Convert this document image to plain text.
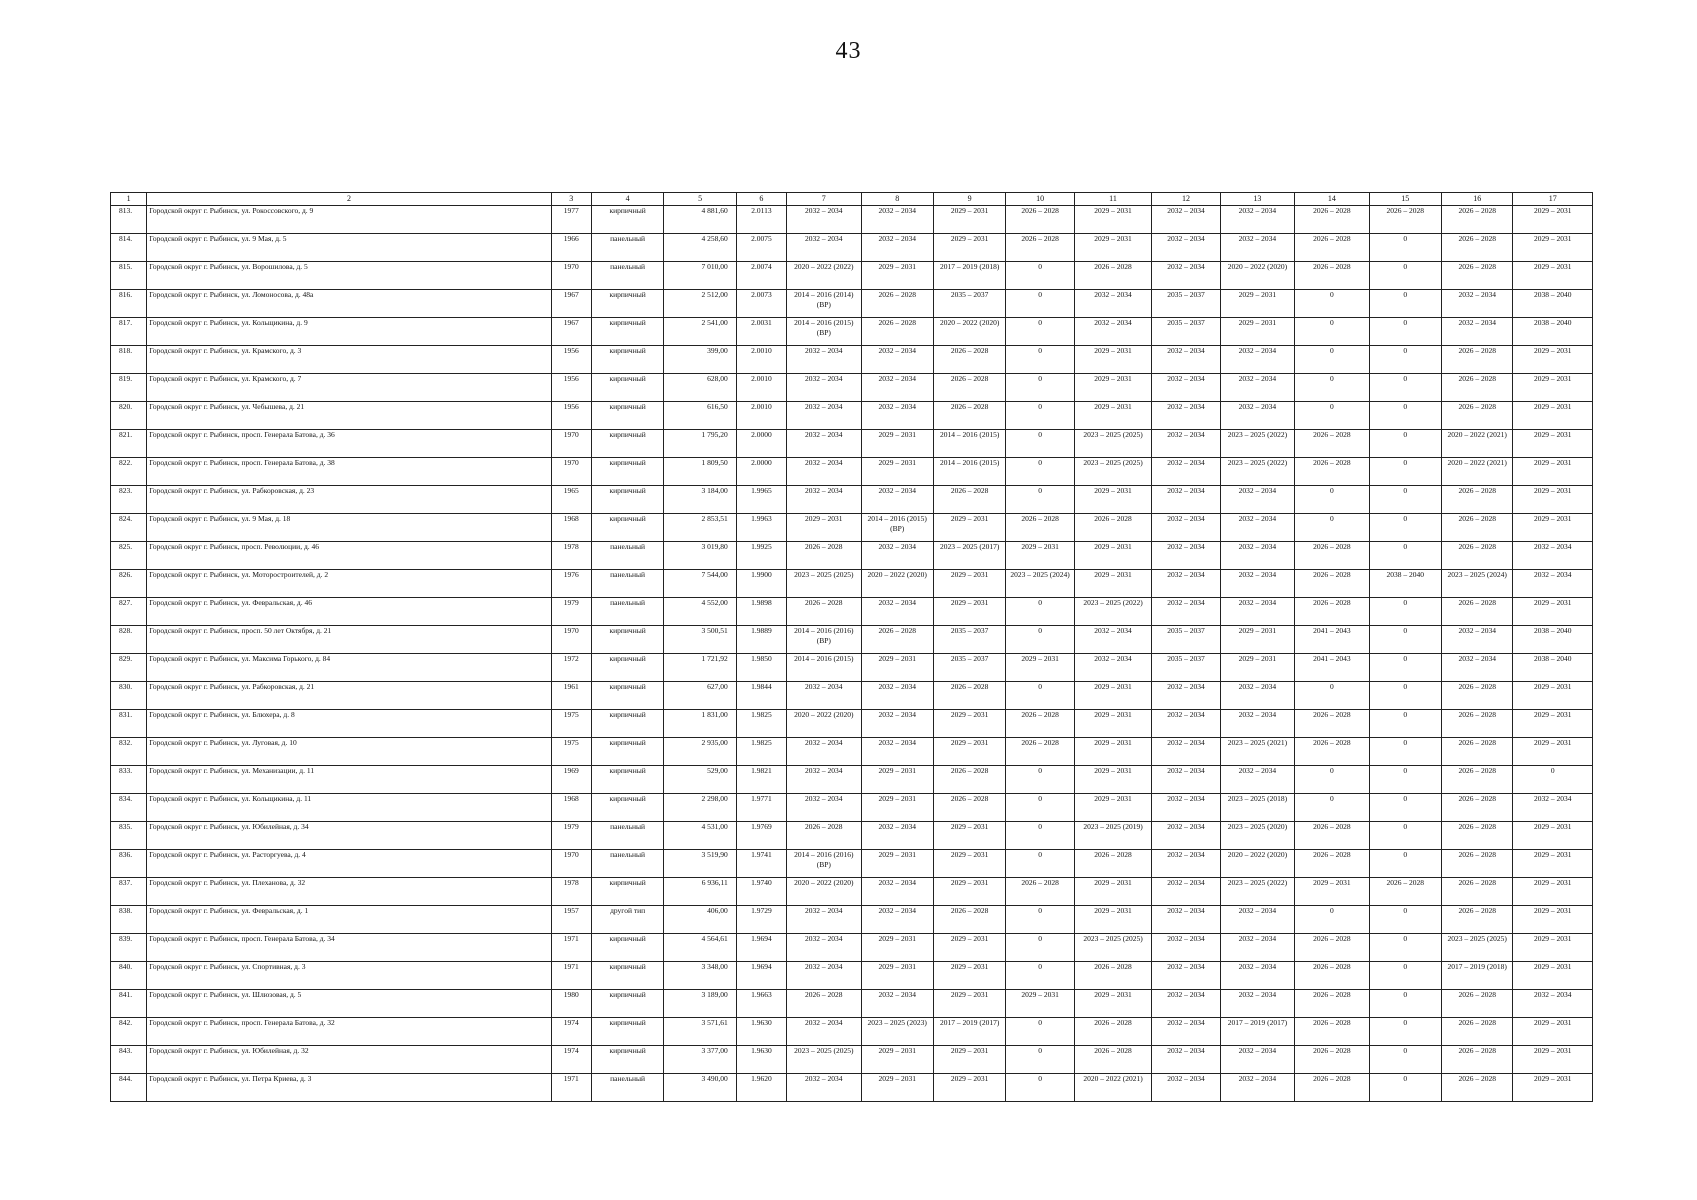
43
1	2	3	4	5	6	7	8	9	10	11	12	13	14	15	16	17
813.	Городской округ г. Рыбинск, ул. Рокоссовского, д. 9	1977	кирпичный	4 881,60	2.0113	2032 – 2034	2032 – 2034	2029 – 2031	2026 – 2028	2029 – 2031	2032 – 2034	2032 – 2034	2026 – 2028	2026 – 2028	2026 – 2028	2029 – 2031
814.	Городской округ г. Рыбинск, ул. 9 Мая, д. 5	1966	панельный	4 258,60	2.0075	2032 – 2034	2032 – 2034	2029 – 2031	2026 – 2028	2029 – 2031	2032 – 2034	2032 – 2034	2026 – 2028	0	2026 – 2028	2029 – 2031
815.	Городской округ г. Рыбинск, ул. Ворошилова, д. 5	1970	панельный	7 010,00	2.0074	2020 – 2022 (2022)	2029 – 2031	2017 – 2019 (2018)	0	2026 – 2028	2032 – 2034	2020 – 2022 (2020)	2026 – 2028	0	2026 – 2028	2029 – 2031
816.	Городской округ г. Рыбинск, ул. Ломоносова, д. 48а	1967	кирпичный	2 512,00	2.0073	2014 – 2016 (2014) (ВР)	2026 – 2028	2035 – 2037	0	2032 – 2034	2035 – 2037	2029 – 2031	0	0	2032 – 2034	2038 – 2040
817.	Городской округ г. Рыбинск, ул. Кольщикина, д. 9	1967	кирпичный	2 541,00	2.0031	2014 – 2016 (2015) (ВР)	2026 – 2028	2020 – 2022 (2020)	0	2032 – 2034	2035 – 2037	2029 – 2031	0	0	2032 – 2034	2038 – 2040
818.	Городской округ г. Рыбинск, ул. Крамского, д. 3	1956	кирпичный	399,00	2.0010	2032 – 2034	2032 – 2034	2026 – 2028	0	2029 – 2031	2032 – 2034	2032 – 2034	0	0	2026 – 2028	2029 – 2031
819.	Городской округ г. Рыбинск, ул. Крамского, д. 7	1956	кирпичный	628,00	2.0010	2032 – 2034	2032 – 2034	2026 – 2028	0	2029 – 2031	2032 – 2034	2032 – 2034	0	0	2026 – 2028	2029 – 2031
820.	Городской округ г. Рыбинск, ул. Чебышева, д. 21	1956	кирпичный	616,50	2.0010	2032 – 2034	2032 – 2034	2026 – 2028	0	2029 – 2031	2032 – 2034	2032 – 2034	0	0	2026 – 2028	2029 – 2031
821.	Городской округ г. Рыбинск, просп. Генерала Батова, д. 36	1970	кирпичный	1 795,20	2.0000	2032 – 2034	2029 – 2031	2014 – 2016 (2015)	0	2023 – 2025 (2025)	2032 – 2034	2023 – 2025 (2022)	2026 – 2028	0	2020 – 2022 (2021)	2029 – 2031
822.	Городской округ г. Рыбинск, просп. Генерала Батова, д. 38	1970	кирпичный	1 809,50	2.0000	2032 – 2034	2029 – 2031	2014 – 2016 (2015)	0	2023 – 2025 (2025)	2032 – 2034	2023 – 2025 (2022)	2026 – 2028	0	2020 – 2022 (2021)	2029 – 2031
823.	Городской округ г. Рыбинск, ул. Рабкоровская, д. 23	1965	кирпичный	3 184,00	1.9965	2032 – 2034	2032 – 2034	2026 – 2028	0	2029 – 2031	2032 – 2034	2032 – 2034	0	0	2026 – 2028	2029 – 2031
824.	Городской округ г. Рыбинск, ул. 9 Мая, д. 18	1968	кирпичный	2 853,51	1.9963	2029 – 2031	2014 – 2016 (2015) (ВР)	2029 – 2031	2026 – 2028	2026 – 2028	2032 – 2034	2032 – 2034	0	0	2026 – 2028	2029 – 2031
825.	Городской округ г. Рыбинск, просп. Революции, д. 46	1978	панельный	3 019,80	1.9925	2026 – 2028	2032 – 2034	2023 – 2025 (2017)	2029 – 2031	2029 – 2031	2032 – 2034	2032 – 2034	2026 – 2028	0	2026 – 2028	2032 – 2034
826.	Городской округ г. Рыбинск, ул. Моторостроителей, д. 2	1976	панельный	7 544,00	1.9900	2023 – 2025 (2025)	2020 – 2022 (2020)	2029 – 2031	2023 – 2025 (2024)	2029 – 2031	2032 – 2034	2032 – 2034	2026 – 2028	2038 – 2040	2023 – 2025 (2024)	2032 – 2034
827.	Городской округ г. Рыбинск, ул. Февральская, д. 46	1979	панельный	4 552,00	1.9898	2026 – 2028	2032 – 2034	2029 – 2031	0	2023 – 2025 (2022)	2032 – 2034	2032 – 2034	2026 – 2028	0	2026 – 2028	2029 – 2031
828.	Городской округ г. Рыбинск, просп. 50 лет Октября, д. 21	1970	кирпичный	3 500,51	1.9889	2014 – 2016 (2016) (ВР)	2026 – 2028	2035 – 2037	0	2032 – 2034	2035 – 2037	2029 – 2031	2041 – 2043	0	2032 – 2034	2038 – 2040
829.	Городской округ г. Рыбинск, ул. Максима Горького, д. 84	1972	кирпичный	1 721,92	1.9850	2014 – 2016 (2015)	2029 – 2031	2035 – 2037	2029 – 2031	2032 – 2034	2035 – 2037	2029 – 2031	2041 – 2043	0	2032 – 2034	2038 – 2040
830.	Городской округ г. Рыбинск, ул. Рабкоровская, д. 21	1961	кирпичный	627,00	1.9844	2032 – 2034	2032 – 2034	2026 – 2028	0	2029 – 2031	2032 – 2034	2032 – 2034	0	0	2026 – 2028	2029 – 2031
831.	Городской округ г. Рыбинск, ул. Блюхера, д. 8	1975	кирпичный	1 831,00	1.9825	2020 – 2022 (2020)	2032 – 2034	2029 – 2031	2026 – 2028	2029 – 2031	2032 – 2034	2032 – 2034	2026 – 2028	0	2026 – 2028	2029 – 2031
832.	Городской округ г. Рыбинск, ул. Луговая, д. 10	1975	кирпичный	2 935,00	1.9825	2032 – 2034	2032 – 2034	2029 – 2031	2026 – 2028	2029 – 2031	2032 – 2034	2023 – 2025 (2021)	2026 – 2028	0	2026 – 2028	2029 – 2031
833.	Городской округ г. Рыбинск, ул. Механизации, д. 11	1969	кирпичный	529,00	1.9821	2032 – 2034	2029 – 2031	2026 – 2028	0	2029 – 2031	2032 – 2034	2032 – 2034	0	0	2026 – 2028	0
834.	Городской округ г. Рыбинск, ул. Кольщикина, д. 11	1968	кирпичный	2 298,00	1.9771	2032 – 2034	2029 – 2031	2026 – 2028	0	2029 – 2031	2032 – 2034	2023 – 2025 (2018)	0	0	2026 – 2028	2032 – 2034
835.	Городской округ г. Рыбинск, ул. Юбилейная, д. 34	1979	панельный	4 531,00	1.9769	2026 – 2028	2032 – 2034	2029 – 2031	0	2023 – 2025 (2019)	2032 – 2034	2023 – 2025 (2020)	2026 – 2028	0	2026 – 2028	2029 – 2031
836.	Городской округ г. Рыбинск, ул. Расторгуева, д. 4	1970	панельный	3 519,90	1.9741	2014 – 2016 (2016) (ВР)	2029 – 2031	2029 – 2031	0	2026 – 2028	2032 – 2034	2020 – 2022 (2020)	2026 – 2028	0	2026 – 2028	2029 – 2031
837.	Городской округ г. Рыбинск, ул. Плеханова, д. 32	1978	кирпичный	6 936,11	1.9740	2020 – 2022 (2020)	2032 – 2034	2029 – 2031	2026 – 2028	2029 – 2031	2032 – 2034	2023 – 2025 (2022)	2029 – 2031	2026 – 2028	2026 – 2028	2029 – 2031
838.	Городской округ г. Рыбинск, ул. Февральская, д. 1	1957	другой тип	406,00	1.9729	2032 – 2034	2032 – 2034	2026 – 2028	0	2029 – 2031	2032 – 2034	2032 – 2034	0	0	2026 – 2028	2029 – 2031
839.	Городской округ г. Рыбинск, просп. Генерала Батова, д. 34	1971	кирпичный	4 564,61	1.9694	2032 – 2034	2029 – 2031	2029 – 2031	0	2023 – 2025 (2025)	2032 – 2034	2032 – 2034	2026 – 2028	0	2023 – 2025 (2025)	2029 – 2031
840.	Городской округ г. Рыбинск, ул. Спортивная, д. 3	1971	кирпичный	3 348,00	1.9694	2032 – 2034	2029 – 2031	2029 – 2031	0	2026 – 2028	2032 – 2034	2032 – 2034	2026 – 2028	0	2017 – 2019 (2018)	2029 – 2031
841.	Городской округ г. Рыбинск, ул. Шлюзовая, д. 5	1980	кирпичный	3 189,00	1.9663	2026 – 2028	2032 – 2034	2029 – 2031	2029 – 2031	2029 – 2031	2032 – 2034	2032 – 2034	2026 – 2028	0	2026 – 2028	2032 – 2034
842.	Городской округ г. Рыбинск, просп. Генерала Батова, д. 32	1974	кирпичный	3 571,61	1.9630	2032 – 2034	2023 – 2025 (2023)	2017 – 2019 (2017)	0	2026 – 2028	2032 – 2034	2017 – 2019 (2017)	2026 – 2028	0	2026 – 2028	2029 – 2031
843.	Городской округ г. Рыбинск, ул. Юбилейная, д. 32	1974	кирпичный	3 377,00	1.9630	2023 – 2025 (2025)	2029 – 2031	2029 – 2031	0	2026 – 2028	2032 – 2034	2032 – 2034	2026 – 2028	0	2026 – 2028	2029 – 2031
844.	Городской округ г. Рыбинск, ул. Петра Криева, д. 3	1971	панельный	3 490,00	1.9620	2032 – 2034	2029 – 2031	2029 – 2031	0	2020 – 2022 (2021)	2032 – 2034	2032 – 2034	2026 – 2028	0	2026 – 2028	2029 – 2031
